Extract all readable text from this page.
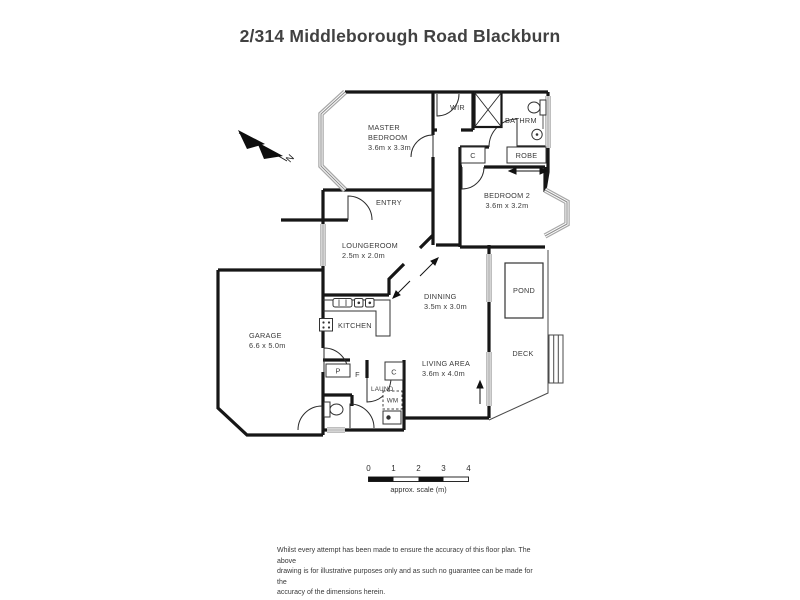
2/314 Middleborough Road Blackburn
N
MASTER
BEDROOM
3.6m x 3.3m
WIR
BATHRM
ROBE
C
BEDROOM 2
3.6m x 3.2m
ENTRY
LOUNGEROOM
2.5m x 2.0m
DINNING
3.5m x 3.0m
KITCHEN
GARAGE
6.6 x 5.0m
LIVING AREA
3.6m x 4.0m
LAUND
WM
P F	C
POND
DECK
0	1	2	3	4
approx. scale (m)
Whilst every attempt has been made to ensure the accuracy of this floor plan. The above
drawing is for illustrative purposes only and as such no guarantee can be made for the
accuracy of the dimensions herein.
